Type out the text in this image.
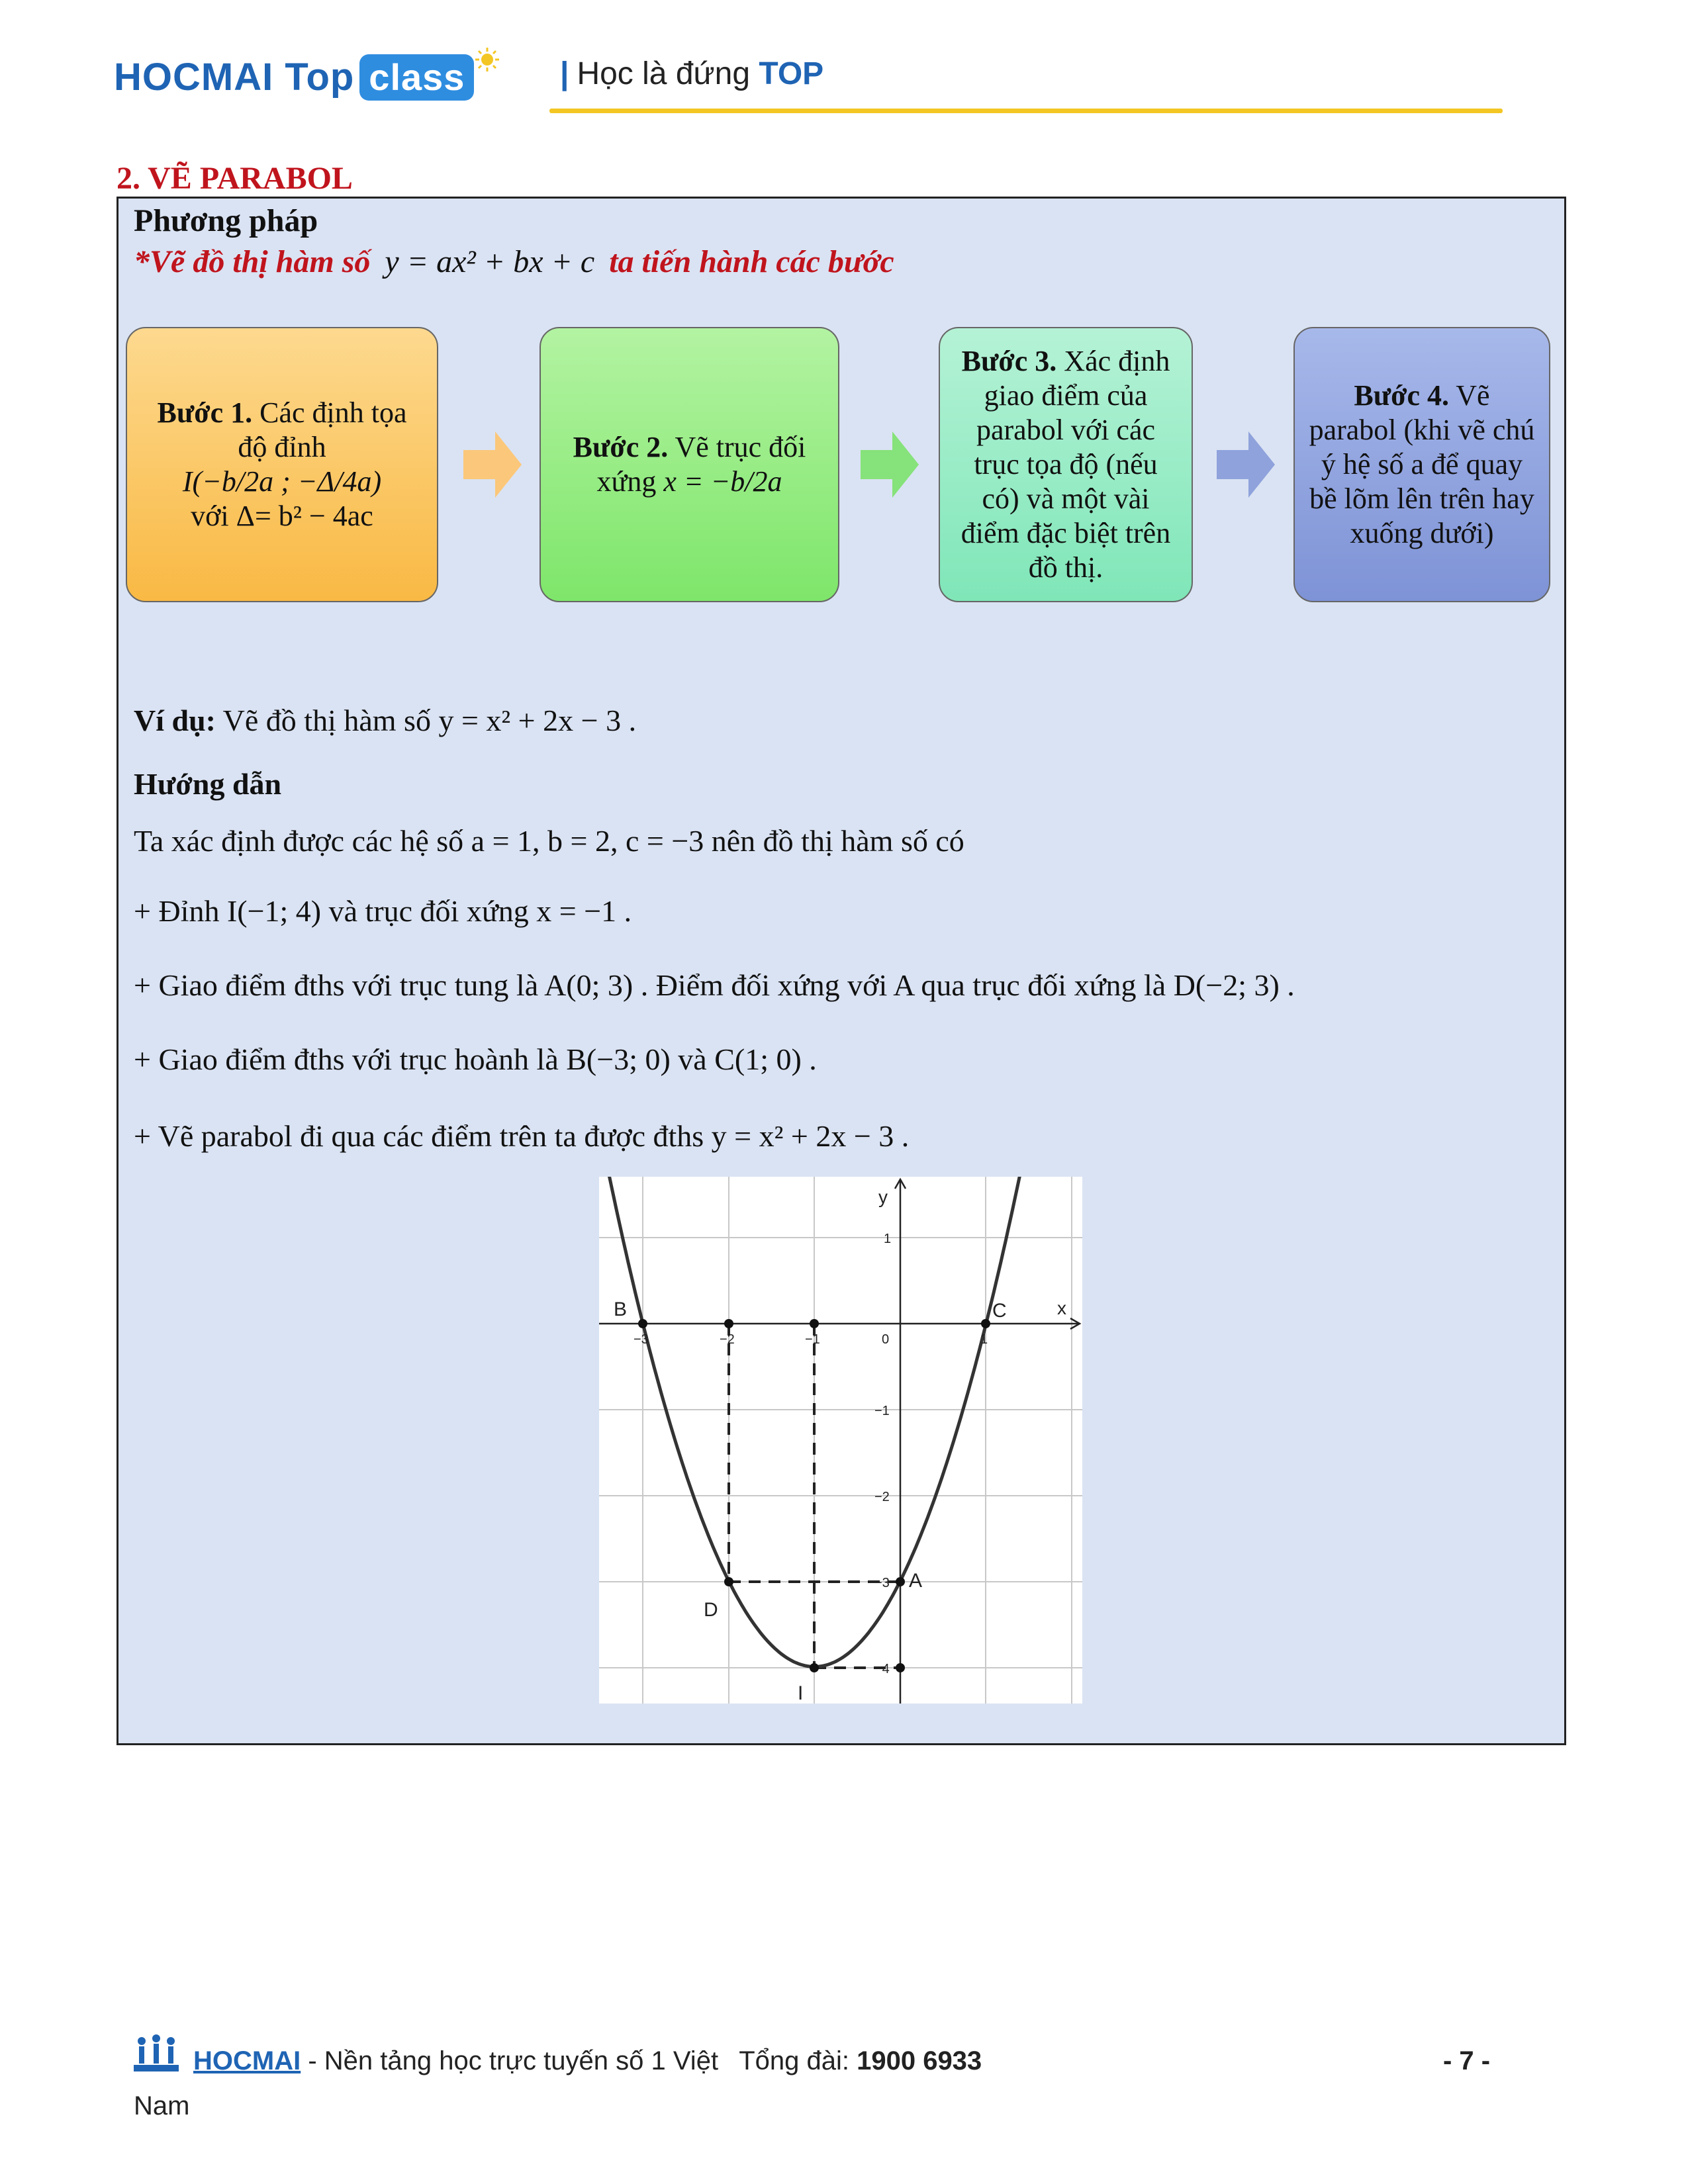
HOCMAI Top class	| Học là đứng TOP
2. VẼ PARABOL
Phương pháp
*Vẽ đồ thị hàm số y = ax² + bx + c ta tiến hành các bước
Bước 1. Các định tọa độ đỉnh
I(−b/2a ; −Δ/4a)
với Δ= b² − 4ac
Bước 2. Vẽ trục đối xứng x = −b/2a
Bước 3. Xác định giao điểm của parabol với các trục tọa độ (nếu có) và một vài điểm đặc biệt trên đồ thị.
Bước 4. Vẽ parabol (khi vẽ chú ý hệ số a để quay bề lõm lên trên hay xuống dưới)
Ví dụ: Vẽ đồ thị hàm số y = x² + 2x − 3 .
Hướng dẫn
Ta xác định được các hệ số a = 1, b = 2, c = −3 nên đồ thị hàm số có
+ Đỉnh I(−1; 4) và trục đối xứng x = −1 .
+ Giao điểm đths với trục tung là A(0; 3) . Điểm đối xứng với A qua trục đối xứng là D(−2; 3) .
+ Giao điểm đths với trục hoành là B(−3; 0) và C(1; 0) .
+ Vẽ parabol đi qua các điểm trên ta được đths y = x² + 2x − 3 .
x
y
−3	−2	−1	0	1
1
−1
−2
−3
−4
B	C
A
D
I
HOCMAI - Nền tảng học trực tuyến số 1 Việt Tổng đài: 1900 6933
Nam
- 7 -
